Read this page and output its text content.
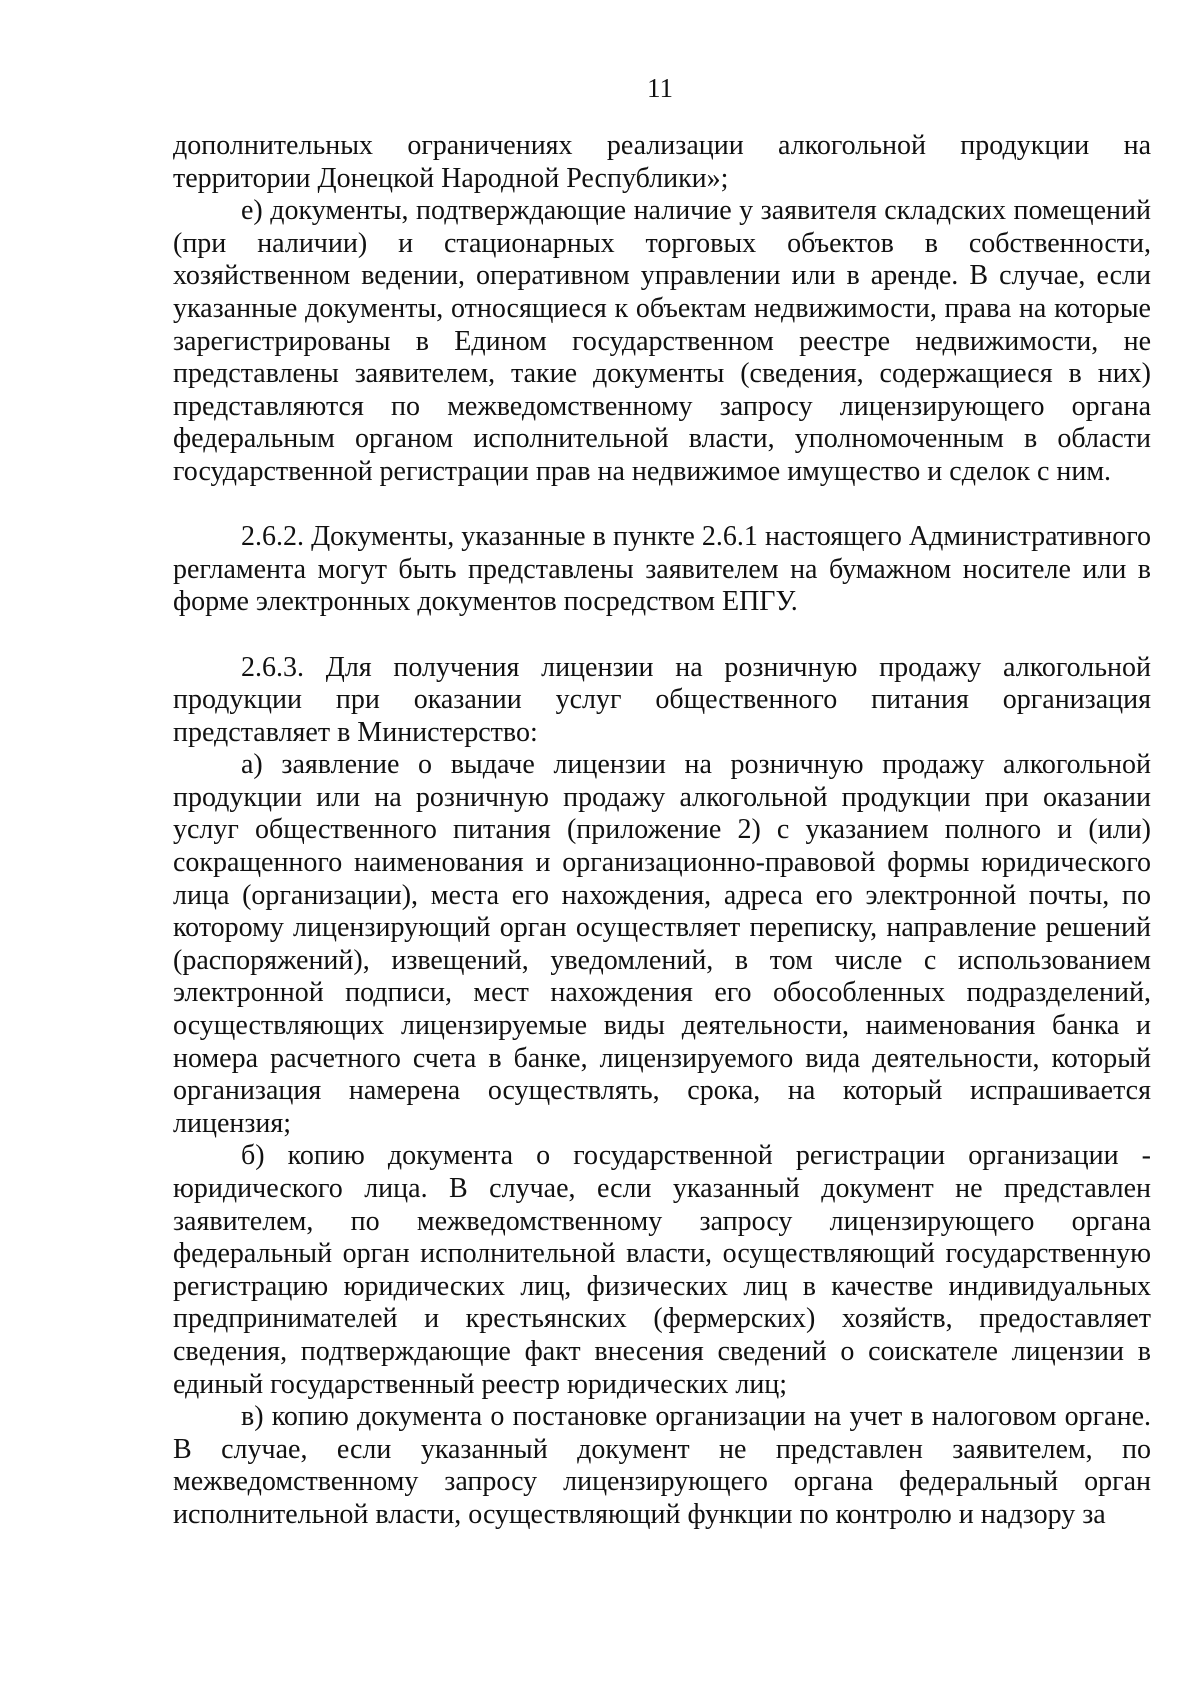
11

дополнительных ограничениях реализации алкогольной продукции на территории Донецкой Народной Республики»;

е) документы, подтверждающие наличие у заявителя складских помещений (при наличии) и стационарных торговых объектов в собственности, хозяйственном ведении, оперативном управлении или в аренде. В случае, если указанные документы, относящиеся к объектам недвижимости, права на которые зарегистрированы в Едином государственном реестре недвижимости, не представлены заявителем, такие документы (сведения, содержащиеся в них) представляются по межведомственному запросу лицензирующего органа федеральным органом исполнительной власти, уполномоченным в области государственной регистрации прав на недвижимое имущество и сделок с ним.

2.6.2. Документы, указанные в пункте 2.6.1 настоящего Административного регламента могут быть представлены заявителем на бумажном носителе или в форме электронных документов посредством ЕПГУ.

2.6.3. Для получения лицензии на розничную продажу алкогольной продукции при оказании услуг общественного питания организация представляет в Министерство:

а) заявление о выдаче лицензии на розничную продажу алкогольной продукции или на розничную продажу алкогольной продукции при оказании услуг общественного питания (приложение 2) с указанием полного и (или) сокращенного наименования и организационно-правовой формы юридического лица (организации), места его нахождения, адреса его электронной почты, по которому лицензирующий орган осуществляет переписку, направление решений (распоряжений), извещений, уведомлений, в том числе с использованием электронной подписи, мест нахождения его обособленных подразделений, осуществляющих лицензируемые виды деятельности, наименования банка и номера расчетного счета в банке, лицензируемого вида деятельности, который организация намерена осуществлять, срока, на который испрашивается лицензия;

б) копию документа о государственной регистрации организации - юридического лица. В случае, если указанный документ не представлен заявителем, по межведомственному запросу лицензирующего органа федеральный орган исполнительной власти, осуществляющий государственную регистрацию юридических лиц, физических лиц в качестве индивидуальных предпринимателей и крестьянских (фермерских) хозяйств, предоставляет сведения, подтверждающие факт внесения сведений о соискателе лицензии в единый государственный реестр юридических лиц;

в) копию документа о постановке организации на учет в налоговом органе. В случае, если указанный документ не представлен заявителем, по межведомственному запросу лицензирующего органа федеральный орган исполнительной власти, осуществляющий функции по контролю и надзору за
